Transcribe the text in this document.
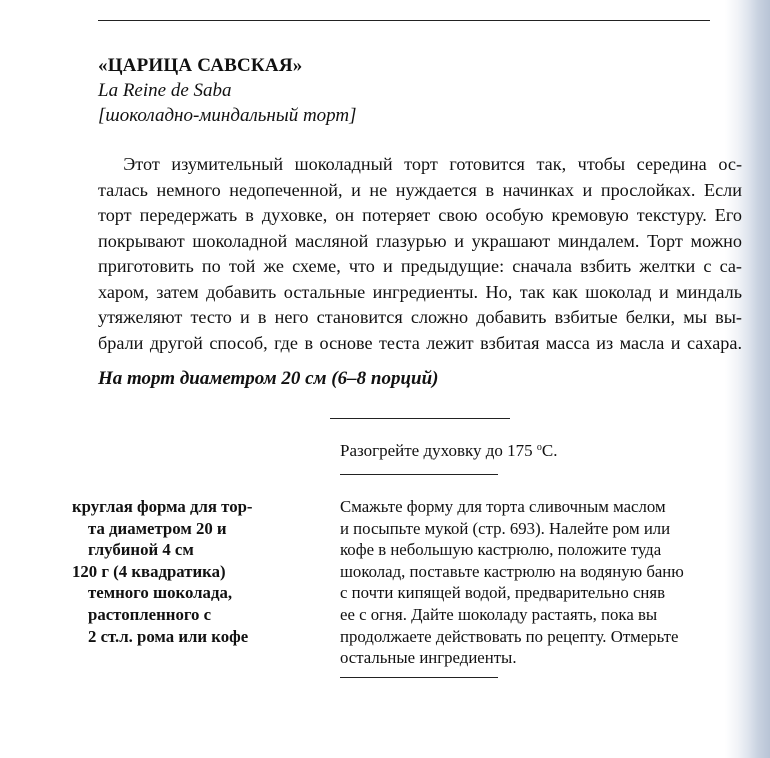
«ЦАРИЦА САВСКАЯ»
La Reine de Saba
[шоколадно-миндальный торт]
  Этот изумительный шоколадный торт готовится так, чтобы середина ос-
талась немного недопеченной, и не нуждается в начинках и прослойках. Если
торт передержать в духовке, он потеряет свою особую кремовую текстуру. Его
покрывают шоколадной масляной глазурью и украшают миндалем. Торт можно
приготовить по той же схеме, что и предыдущие: сначала взбить желтки с са-
харом, затем добавить остальные ингредиенты. Но, так как шоколад и миндаль
утяжеляют тесто и в него становится сложно добавить взбитые белки, мы вы-
брали другой способ, где в основе теста лежит взбитая масса из масла и сахара.
На торт диаметром 20 см (6–8 порций)
Разогрейте духовку до 175 $^о$С.
круглая форма для тор-
та диаметром 20 и
глубиной 4 см
120 г (4 квадратика)
темного шоколада,
растопленного с
2 ст.л. рома или кофе
Смажьте форму для торта сливочным маслом
и посыпьте мукой (стр. 693). Налейте ром или
кофе в небольшую кастрюлю, положите туда
шоколад, поставьте кастрюлю на водяную баню
с почти кипящей водой, предварительно сняв
ее с огня. Дайте шоколаду растаять, пока вы
продолжаете действовать по рецепту. Отмерьте
остальные ингредиенты.
